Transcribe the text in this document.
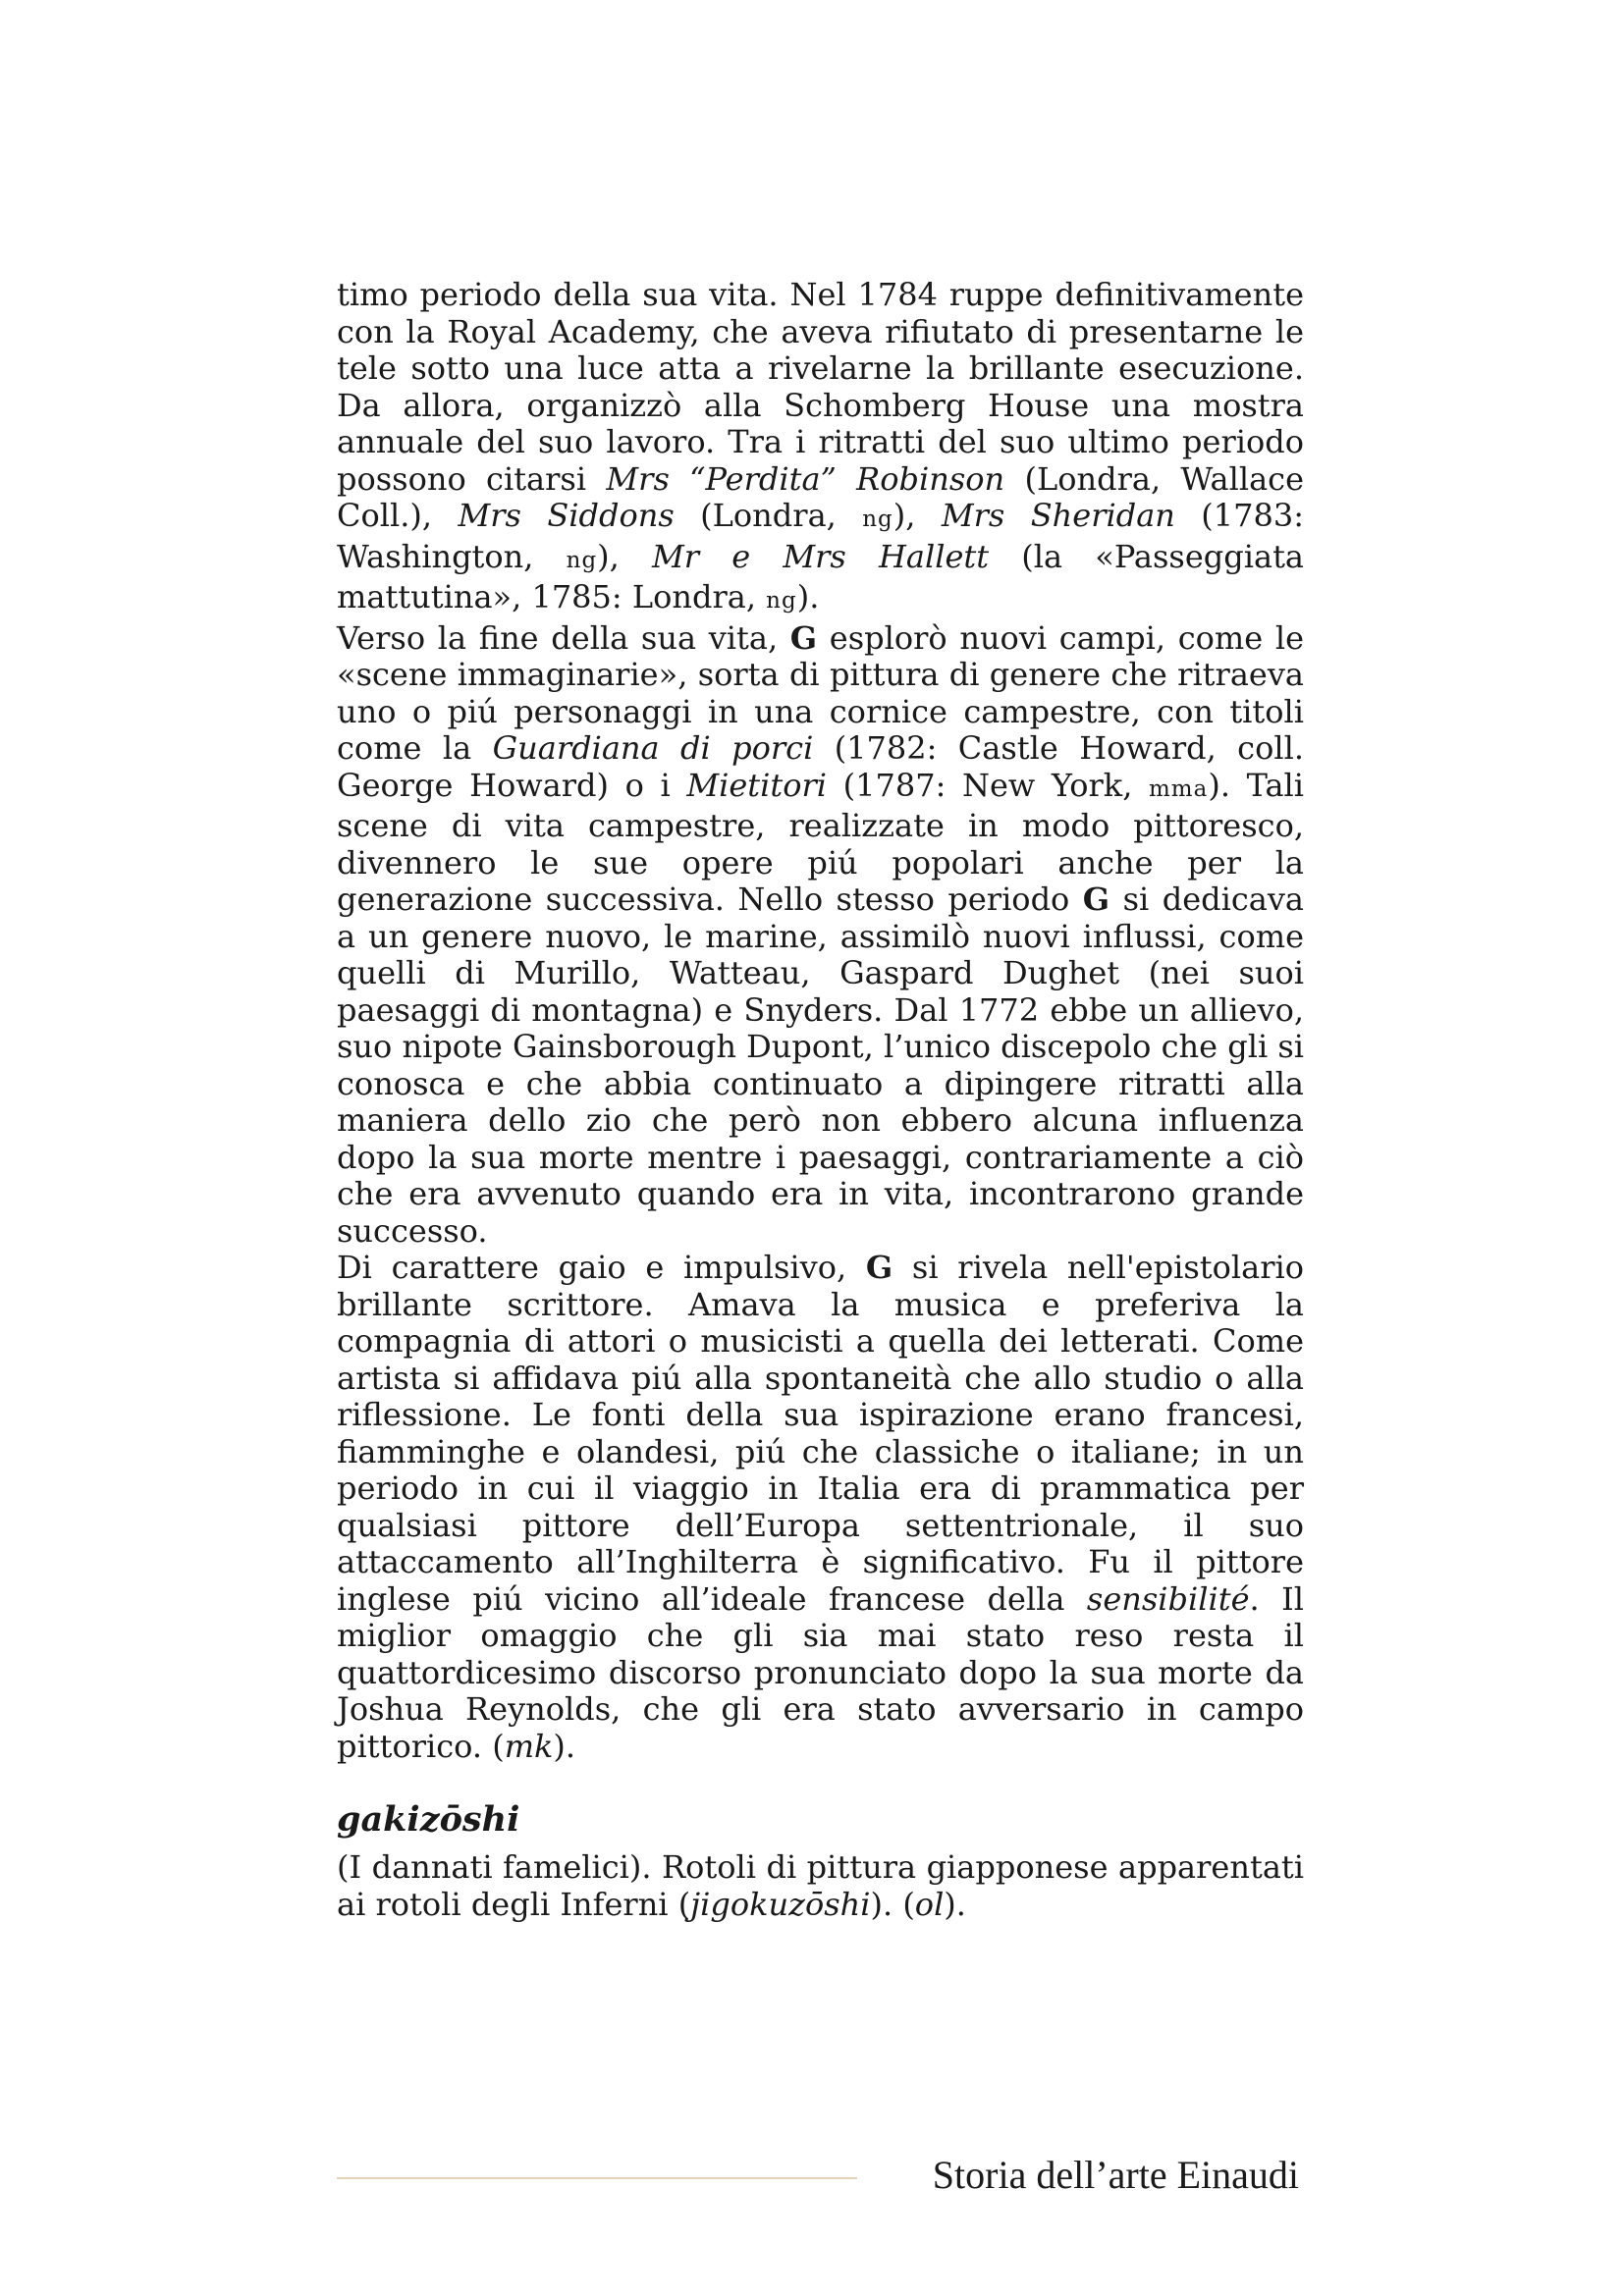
timo periodo della sua vita. Nel 1784 ruppe definitivamente con la Royal Academy, che aveva rifiutato di presentarne le tele sotto una luce atta a rivelarne la brillante esecuzione. Da allora, organizzò alla Schomberg House una mostra annuale del suo lavoro. Tra i ritratti del suo ultimo periodo possono citarsi Mrs “Perdita” Robinson (Londra, Wallace Coll.), Mrs Siddons (Londra, ng), Mrs Sheridan (1783: Washington, ng), Mr e Mrs Hallett (la «Passeggiata mattutina», 1785: Londra, ng).

Verso la fine della sua vita, G esplorò nuovi campi, come le «scene immaginarie», sorta di pittura di genere che ritraeva uno o piú personaggi in una cornice campestre, con titoli come la Guardiana di porci (1782: Castle Howard, coll. George Howard) o i Mietitori (1787: New York, mma). Tali scene di vita campestre, realizzate in modo pittoresco, divennero le sue opere piú popolari anche per la generazione successiva. Nello stesso periodo G si dedicava a un genere nuovo, le marine, assimilò nuovi influssi, come quelli di Murillo, Watteau, Gaspard Dughet (nei suoi paesaggi di montagna) e Snyders. Dal 1772 ebbe un allievo, suo nipote Gainsborough Dupont, l’unico discepolo che gli si conosca e che abbia continuato a dipingere ritratti alla maniera dello zio che però non ebbero alcuna influenza dopo la sua morte mentre i paesaggi, contrariamente a ciò che era avvenuto quando era in vita, incontrarono grande successo.

Di carattere gaio e impulsivo, G si rivela nell'epistolario brillante scrittore. Amava la musica e preferiva la compagnia di attori o musicisti a quella dei letterati. Come artista si affidava piú alla spontaneità che allo studio o alla riflessione. Le fonti della sua ispirazione erano francesi, fiamminghe e olandesi, piú che classiche o italiane; in un periodo in cui il viaggio in Italia era di prammatica per qualsiasi pittore dell’Europa settentrionale, il suo attaccamento all’Inghilterra è significativo. Fu il pittore inglese piú vicino all’ideale francese della sensibilité. Il miglior omaggio che gli sia mai stato reso resta il quattordicesimo discorso pronunciato dopo la sua morte da Joshua Reynolds, che gli era stato avversario in campo pittorico. (mk).

gakizōshi

(I dannati famelici). Rotoli di pittura giapponese apparentati ai rotoli degli Inferni (jigokuzōshi). (ol).

Storia dell’arte Einaudi
